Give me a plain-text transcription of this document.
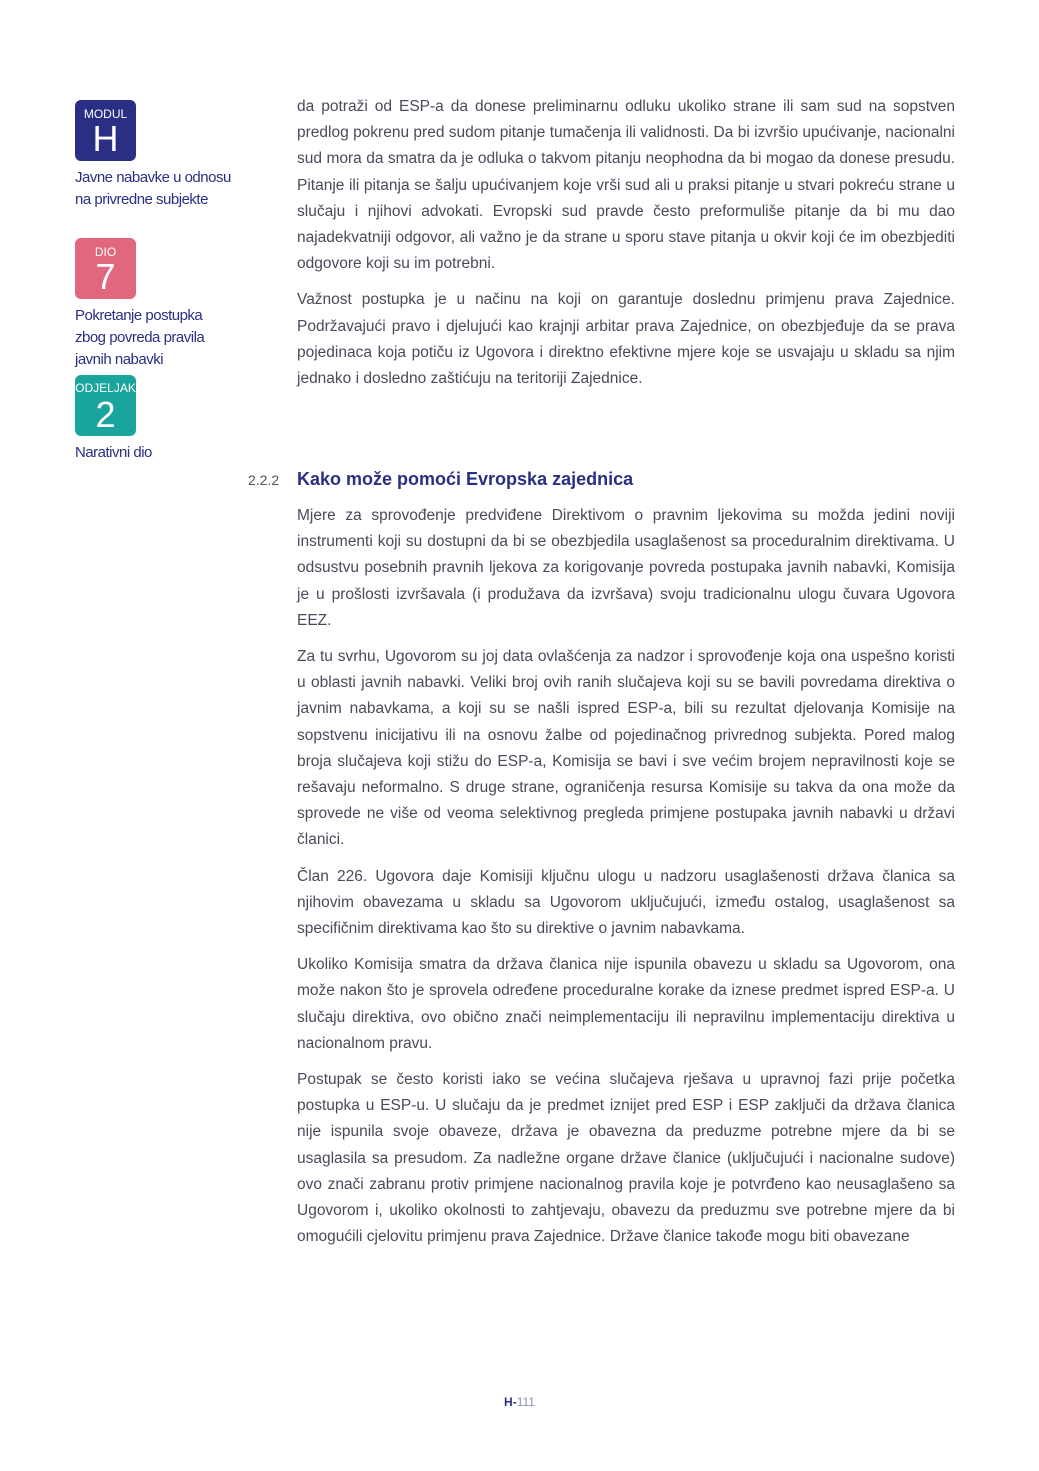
MODUL
H
Javne nabavke u odnosu
na privredne subjekte
DIO
7
Pokretanje postupka
zbog povreda pravila
javnih nabavki
ODJELJAK
2
Narativni dio

da potraži od ESP-a da donese preliminarnu odluku ukoliko strane ili sam sud na sopstven predlog pokrenu pred sudom pitanje tumačenja ili validnosti. Da bi izvršio upućivanje, nacionalni sud mora da smatra da je odluka o takvom pitanju neophodna da bi mogao da donese presudu. Pitanje ili pitanja se šalju upućivanjem koje vrši sud ali u praksi pitanje u stvari pokreću strane u slučaju i njihovi advokati. Evropski sud pravde često preformuliše pitanje da bi mu dao najadekvatniji odgovor, ali važno je da strane u sporu stave pitanja u okvir koji će im obezbjediti odgovore koji su im potrebni.

Važnost postupka je u načinu na koji on garantuje doslednu primjenu prava Zajednice. Podržavajući pravo i djelujući kao krajnji arbitar prava Zajednice, on obezbjeđuje da se prava pojedinaca koja potiču iz Ugovora i direktno efektivne mjere koje se usvajaju u skladu sa njim jednako i dosledno zaštićuju na teritoriji Zajednice.

2.2.2 Kako može pomoći Evropska zajednica

Mjere za sprovođenje predviđene Direktivom o pravnim ljekovima su možda jedini noviji instrumenti koji su dostupni da bi se obezbjedila usaglašenost sa proceduralnim direktivama. U odsustvu posebnih pravnih ljekova za korigovanje povreda postupaka javnih nabavki, Komisija je u prošlosti izvršavala (i produžava da izvršava) svoju tradicionalnu ulogu čuvara Ugovora EEZ.

Za tu svrhu, Ugovorom su joj data ovlašćenja za nadzor i sprovođenje koja ona uspešno koristi u oblasti javnih nabavki. Veliki broj ovih ranih slučajeva koji su se bavili povredama direktiva o javnim nabavkama, a koji su se našli ispred ESP-a, bili su rezultat djelovanja Komisije na sopstvenu inicijativu ili na osnovu žalbe od pojedinačnog privrednog subjekta. Pored malog broja slučajeva koji stižu do ESP-a, Komisija se bavi i sve većim brojem nepravilnosti koje se rešavaju neformalno. S druge strane, ograničenja resursa Komisije su takva da ona može da sprovede ne više od veoma selektivnog pregleda primjene postupaka javnih nabavki u državi članici.

Član 226. Ugovora daje Komisiji ključnu ulogu u nadzoru usaglašenosti država članica sa njihovim obavezama u skladu sa Ugovorom uključujući, između ostalog, usaglašenost sa specifičnim direktivama kao što su direktive o javnim nabavkama.

Ukoliko Komisija smatra da država članica nije ispunila obavezu u skladu sa Ugovorom, ona može nakon što je sprovela određene proceduralne korake da iznese predmet ispred ESP-a. U slučaju direktiva, ovo obično znači neimplementaciju ili nepravilnu implementaciju direktiva u nacionalnom pravu.

Postupak se često koristi iako se većina slučajeva rješava u upravnoj fazi prije početka postupka u ESP-u. U slučaju da je predmet iznijet pred ESP i ESP zaključi da država članica nije ispunila svoje obaveze, država je obavezna da preduzme potrebne mjere da bi se usaglasila sa presudom. Za nadležne organe države članice (uključujući i nacionalne sudove) ovo znači zabranu protiv primjene nacionalnog pravila koje je potvrđeno kao neusaglašeno sa Ugovorom i, ukoliko okolnosti to zahtjevaju, obavezu da preduzmu sve potrebne mjere da bi omogućili cjelovitu primjenu prava Zajednice. Države članice takođe mogu biti obavezane

H-111
